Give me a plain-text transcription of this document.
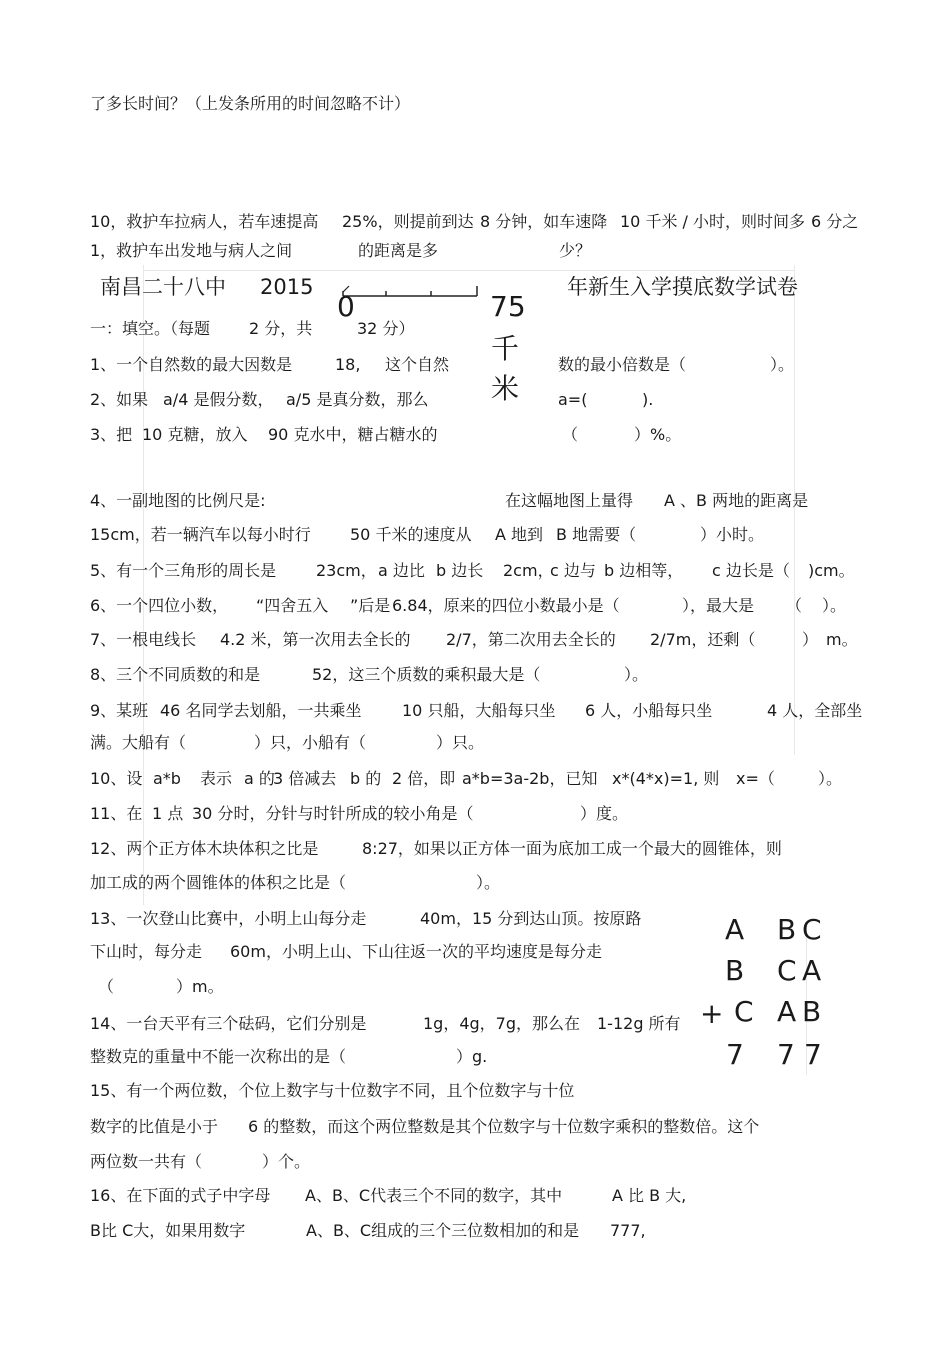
了多长时间？（上发条所用的时间忽略不计）
10，救护车拉病人，若车速提高 25%，则提前到达 8 分钟，如车速降 10 千米 / 小时，则时间多 6 分之
1，救护车出发地与病人之间	的距离是多	少？
南昌二十八中 2015	年新生入学摸底数学试卷
0	75
千
米
一：填空。（每题 2 分，共	32 分）
1、一个自然数的最大因数是	18, 这个自然	数的最小倍数是（	）。
2、如果 a/4 是假分数， a/5 是真分数，那么	a=(	).
3、把 10 克糖，放入 90 克水中，糖占糖水的	（	）%。
4、一副地图的比例尺是:	在这幅地图上量得 A 、B 两地的距离是
15cm，若一辆汽车以每小时行 50 千米的速度从 A 地到 B 地需要（	）小时。
5、有一个三角形的周长是 23cm， a 边比 b 边长 2cm，
c 边与 b 边相等， c 边长是（ )cm。
6、一个四位小数， “四舍五入 ”后是 6.84，原来的四位小数最小是（	），最大是 （ ）。
7、一根电线长 4.2 米，第一次用去全长的 2/7，第二次用去全长的 2/7m，还剩（	） m。
8、三个不同质数的和是	52，这三个质数的乘积最大是（	）。
9、某班 46 名同学去划船，一共乘坐	10 只船，大船每只坐 6 人，小船每只坐	4 人，全部坐
满。大船有（	）只，小船有（	）只。
10、设 a*b 表示 a 的
3 倍减去 b 的 2 倍，即 a*b=3a-2b，已知 x*(4*x)=1, 则 x=（	）。
11、在 1 点 30 分时，分针与时针所成的较小角是（	）度。
12、两个正方体木块体积之比是	8:27，如果以正方体一面为底加工成一个最大的圆锥体，则
加工成的两个圆锥体的体积之比是（	）。
13、一次登山比赛中，小明上山每分走	40m，15 分到达山顶。按原路
下山时，每分走 60m，小明上山、下山往返一次的平均速度是每分走
（	）m。
14、一台天平有三个砝码，它们分别是	1g，4g，7g，那么在 1-12g 所有
整数克的重量中不能一次称出的是（	）g.
15、有一个两位数，个位上数字与十位数字不同，且个位数字与十位
数字的比值是小于 6 的整数，而这个两位整数是其个位数字与十位数字乘积的整数倍。这个
两位数一共有（	）个。
16、在下面的式子中字母 A、B、C代表三个不同的数字，其中	A 比 B 大,
B比 C大，如果用数字	A、B、C组成的三个三位数相加的和是 777,
A B C
B C A
+ C A B
7 7 7
